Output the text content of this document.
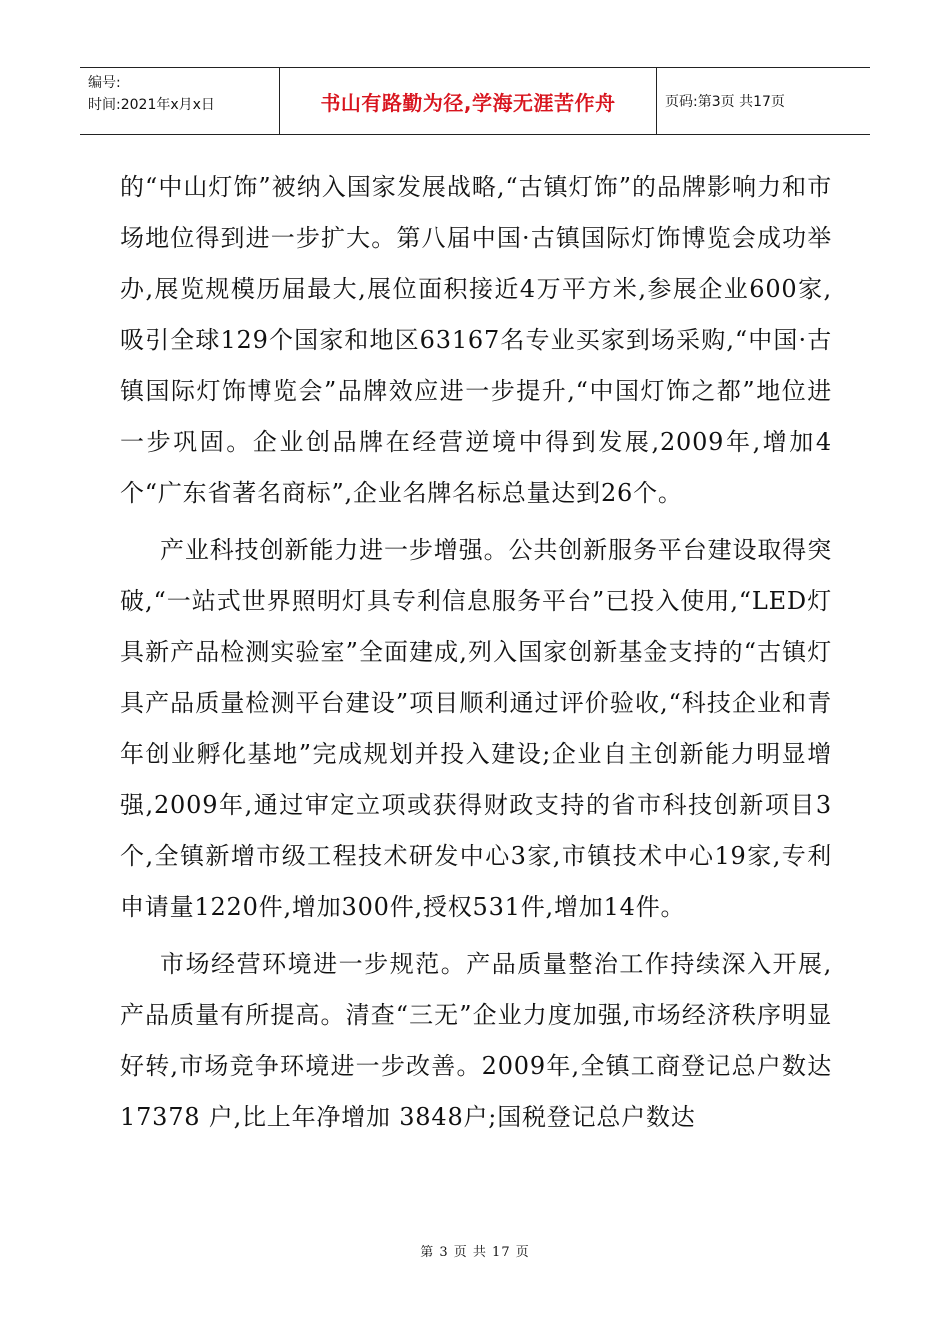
编号:
时间:2021年x月x日	书山有路勤为径,学海无涯苦作舟	页码:第3页 共17页

的“中山灯饰”被纳入国家发展战略,“古镇灯饰”的品牌影响力和市场地位得到进一步扩大。第八届中国·古镇国际灯饰博览会成功举办,展览规模历届最大,展位面积接近4万平方米,参展企业600家,吸引全球129个国家和地区63167名专业买家到场采购,“中国·古镇国际灯饰博览会”品牌效应进一步提升,“中国灯饰之都”地位进一步巩固。企业创品牌在经营逆境中得到发展,2009年,增加4个“广东省著名商标”,企业名牌名标总量达到26个。

产业科技创新能力进一步增强。公共创新服务平台建设取得突破,“一站式世界照明灯具专利信息服务平台”已投入使用,“LED灯具新产品检测实验室”全面建成,列入国家创新基金支持的“古镇灯具产品质量检测平台建设”项目顺利通过评价验收,“科技企业和青年创业孵化基地”完成规划并投入建设;企业自主创新能力明显增强,2009年,通过审定立项或获得财政支持的省市科技创新项目3个,全镇新增市级工程技术研发中心3家,市镇技术中心19家,专利申请量1220件,增加300件,授权531件,增加14件。

市场经营环境进一步规范。产品质量整治工作持续深入开展,产品质量有所提高。清查“三无”企业力度加强,市场经济秩序明显好转,市场竞争环境进一步改善。2009年,全镇工商登记总户数达17378 户,比上年净增加 3848户;国税登记总户数达

第 3 页 共 17 页
